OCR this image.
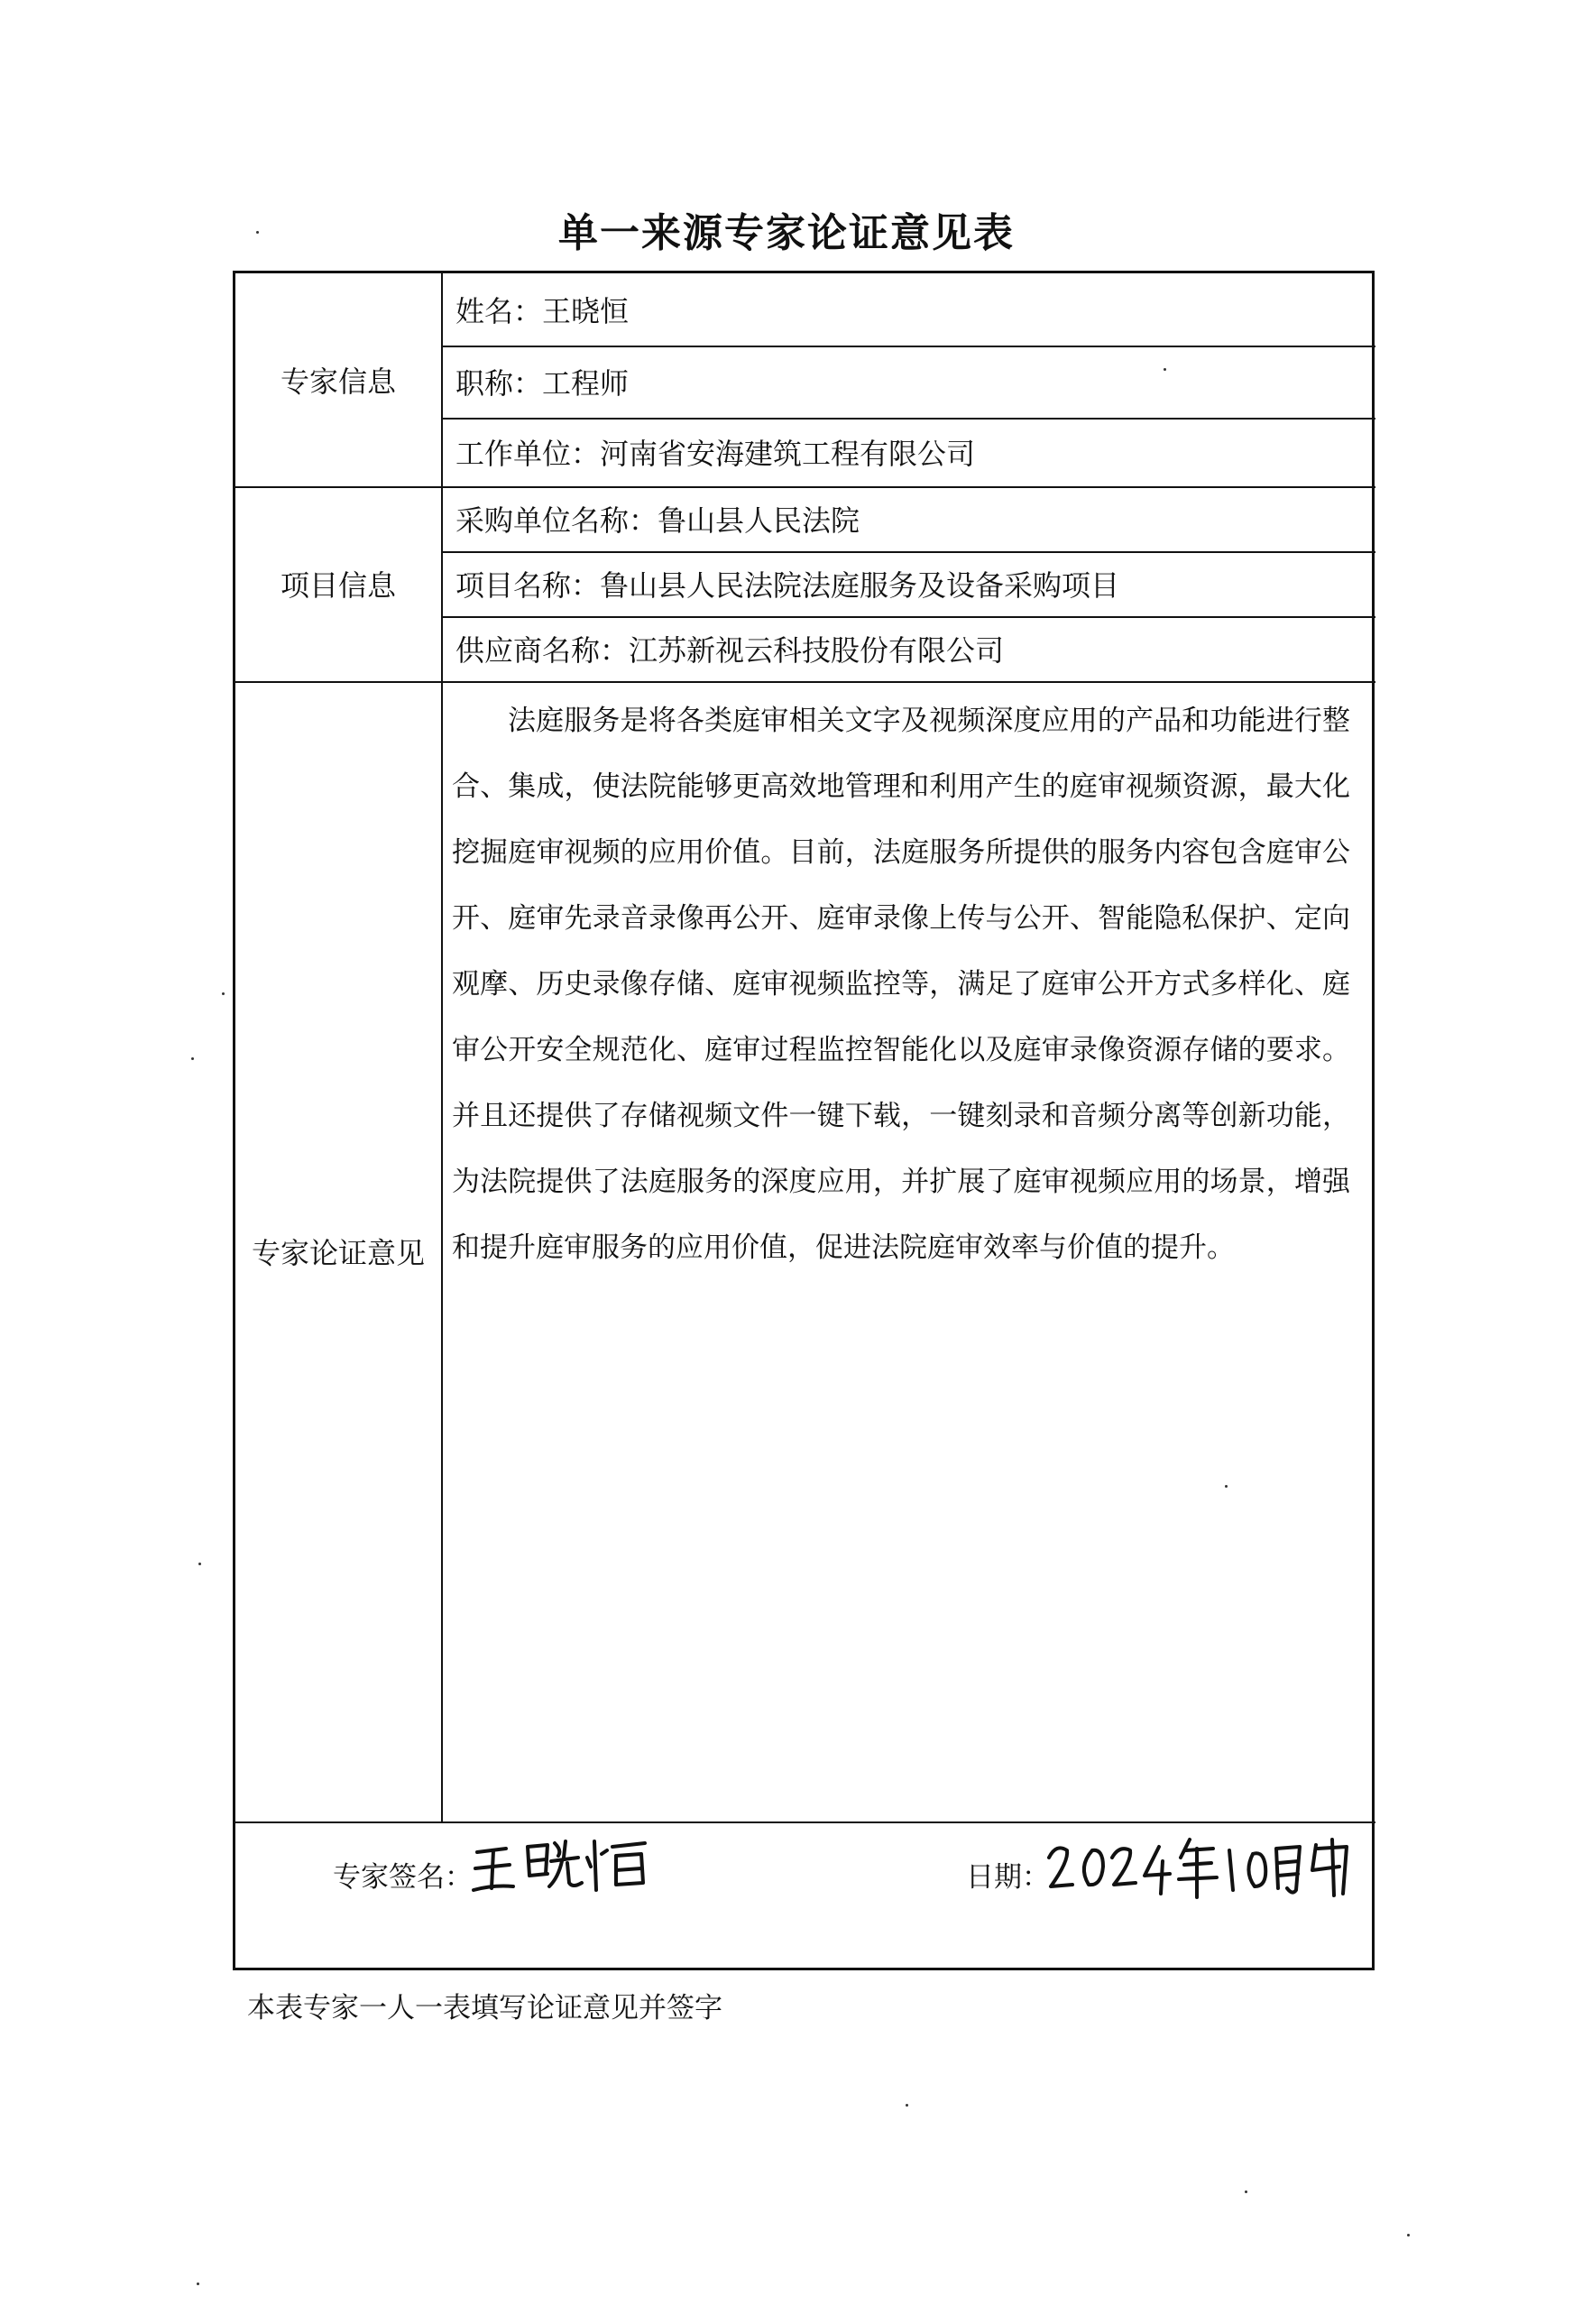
单一来源专家论证意见表
专家信息
姓名：王晓恒
职称：工程师
工作单位：河南省安海建筑工程有限公司
项目信息
采购单位名称：鲁山县人民法院
项目名称：鲁山县人民法院法庭服务及设备采购项目
供应商名称：江苏新视云科技股份有限公司
专家论证意见
法庭服务是将各类庭审相关文字及视频深度应用的产品和功能进行整合、集成，使法院能够更高效地管理和利用产生的庭审视频资源，最大化挖掘庭审视频的应用价值。目前，法庭服务所提供的服务内容包含庭审公开、庭审先录音录像再公开、庭审录像上传与公开、智能隐私保护、定向观摩、历史录像存储、庭审视频监控等，满足了庭审公开方式多样化、庭审公开安全规范化、庭审过程监控智能化以及庭审录像资源存储的要求。并且还提供了存储视频文件一键下载，一键刻录和音频分离等创新功能，为法院提供了法庭服务的深度应用，并扩展了庭审视频应用的场景，增强和提升庭审服务的应用价值，促进法院庭审效率与价值的提升。
专家签名：	日期：
本表专家一人一表填写论证意见并签字
